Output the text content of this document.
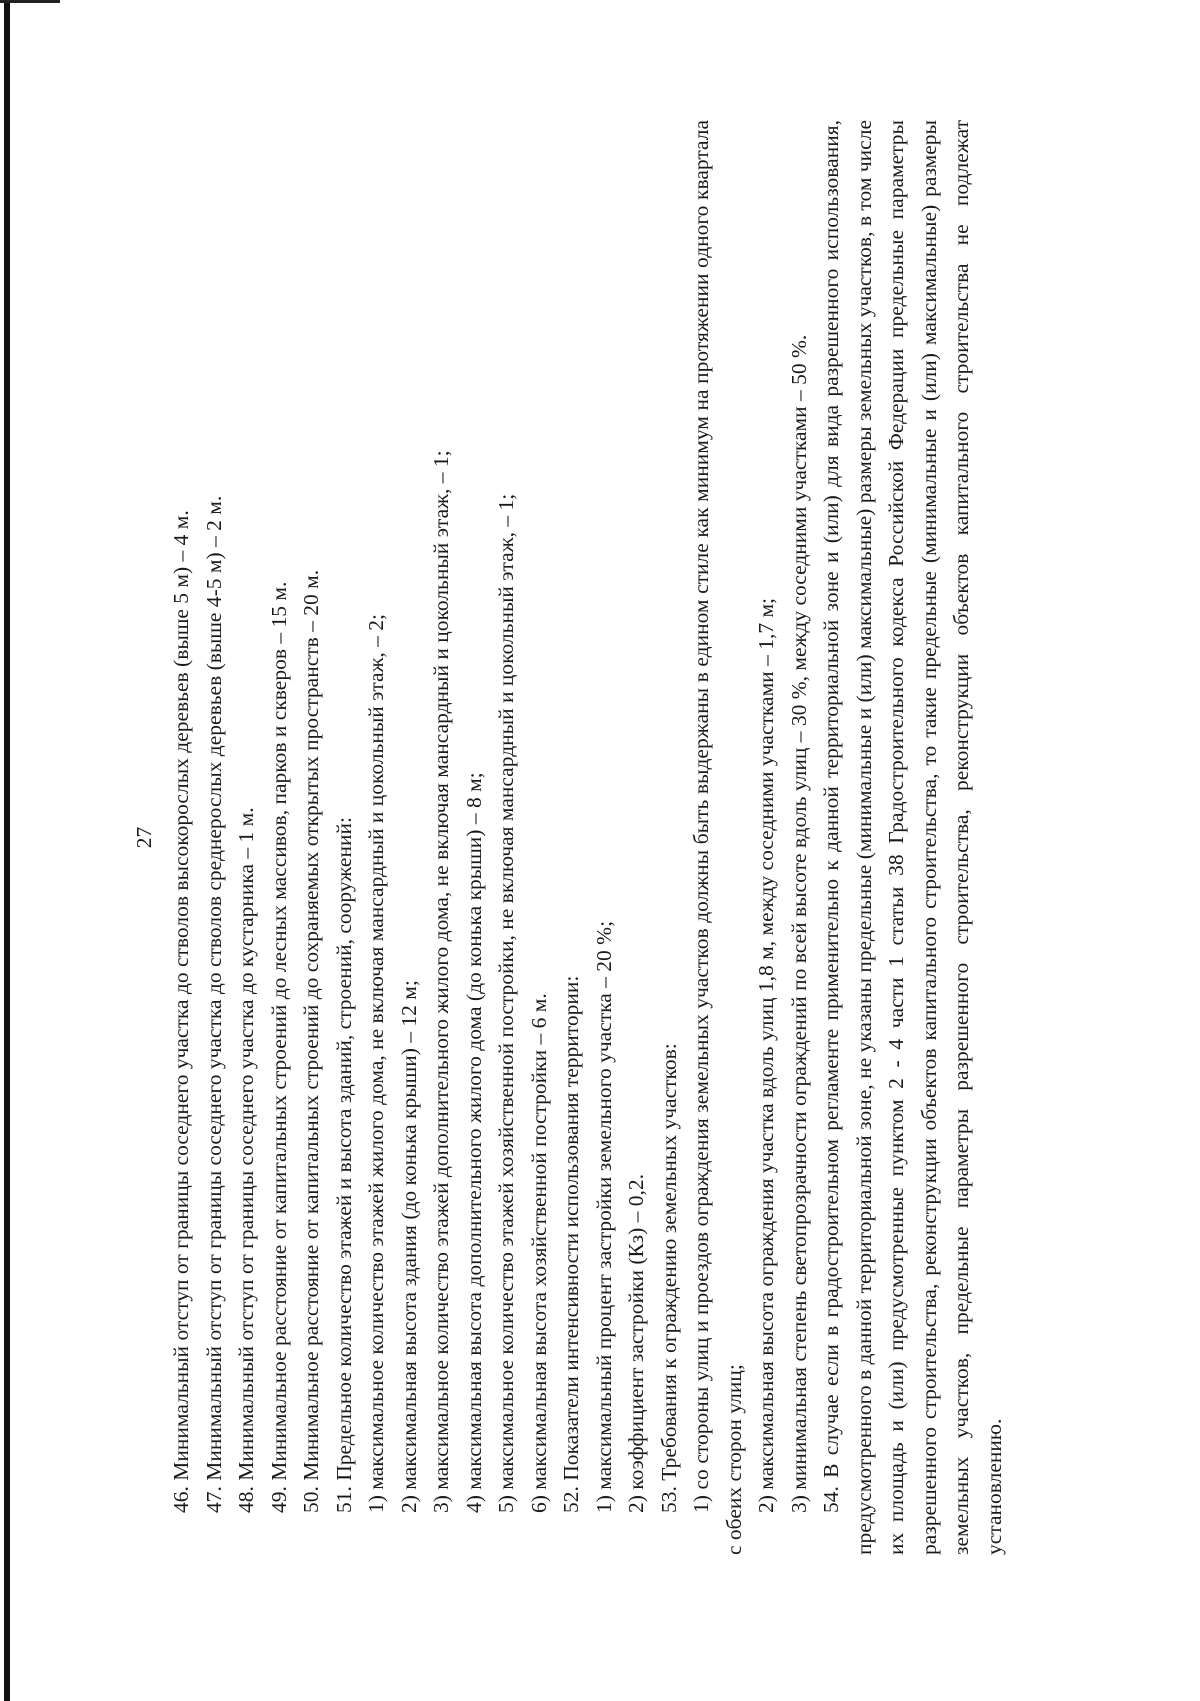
27 46. Минимальный отступ от границы соседнего участка до стволов высокорослых деревьев (выше 5 м) – 4 м. 47. Минимальный отступ от границы соседнего участка до стволов среднерослых деревьев (выше 4-5 м) – 2 м. 48. Минимальный отступ от границы соседнего участка до кустарника – 1 м. 49. Минимальное расстояние от капитальных строений до лесных массивов, парков и скверов – 15 м. 50. Минимальное расстояние от капитальных строений до сохраняемых открытых пространств – 20 м. 51. Предельное количество этажей и высота зданий, строений, сооружений: 1) максимальное количество этажей жилого дома, не включая мансардный и цокольный этаж, – 2; 2) максимальная высота здания (до конька крыши) – 12 м; 3) максимальное количество этажей дополнительного жилого дома, не включая мансардный и цокольный этаж, – 1; 4) максимальная высота дополнительного жилого дома (до конька крыши) – 8 м; 5) максимальное количество этажей хозяйственной постройки, не включая мансардный и цокольный этаж, – 1; 6) максимальная высота хозяйственной постройки – 6 м. 52. Показатели интенсивности использования территории: 1) максимальный процент застройки земельного участка – 20 %; 2) коэффициент застройки (Кз) – 0,2. 53. Требования к ограждению земельных участков: 1) со стороны улиц и проездов ограждения земельных участков должны быть выдержаны в едином стиле как минимум на протяжении одного квартала с обеих сторон улиц; 2) максимальная высота ограждения участка вдоль улиц 1,8 м, между соседними участками – 1,7 м; 3) минимальная степень светопрозрачности ограждений по всей высоте вдоль улиц – 30 %, между соседними участками – 50 %. 54. В случае если в градостроительном регламенте применительно к данной территориальной зоне и (или) для вида разрешенного использования, предусмотренного в данной территориальной зоне, не указаны предельные (минимальные и (или) максимальные) размеры земельных участков, в том числе их площадь и (или) предусмотренные пунктом 2 - 4 части 1 статьи 38 Градостроительного кодекса Российской Федерации предельные параметры разрешенного строительства, реконструкции объектов капитального строительства, то такие предельные (минимальные и (или) максимальные) размеры земельных участков, предельные параметры разрешенного строительства, реконструкции объектов капитального строительства не подлежат установлению.
